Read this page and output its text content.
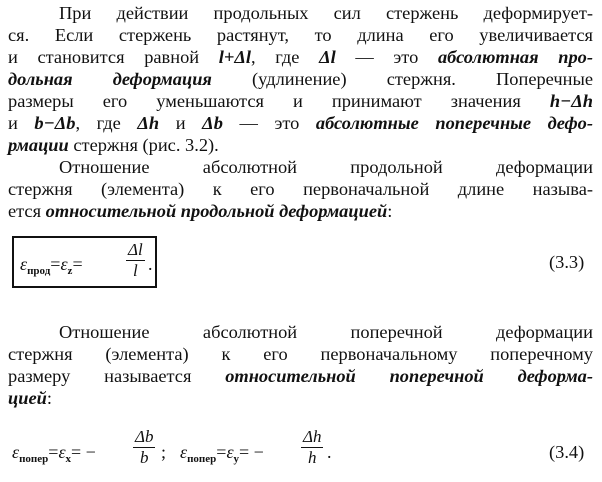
При действии продольных сил стержень деформирует-
ся. Если стержень растянут, то длина его увеличивается
и становится равной l+Δl, где Δl — это абсолютная про-
дольная деформация (удлинение) стержня. Поперечные
размеры его уменьшаются и принимают значения h−Δh
и b−Δb, где Δh и Δb — это абсолютные поперечные дефо-
рмации стержня (рис. 3.2).
Отношение абсолютной продольной деформации
стержня (элемента) к его первоначальной длине называ-
ется относительной продольной деформацией:
$\varepsilon_{прод}=\varepsilon_z=$
Δl
l .	(3.3)
Отношение абсолютной поперечной деформации
стержня (элемента) к его первоначальному поперечному
размеру называется относительной поперечной деформа-
цией:
$\varepsilon_{попер}=\varepsilon_x=$ −
Δb
b ; $\varepsilon_{попер}=\varepsilon_y=$ −
Δh
h .	(3.4)
